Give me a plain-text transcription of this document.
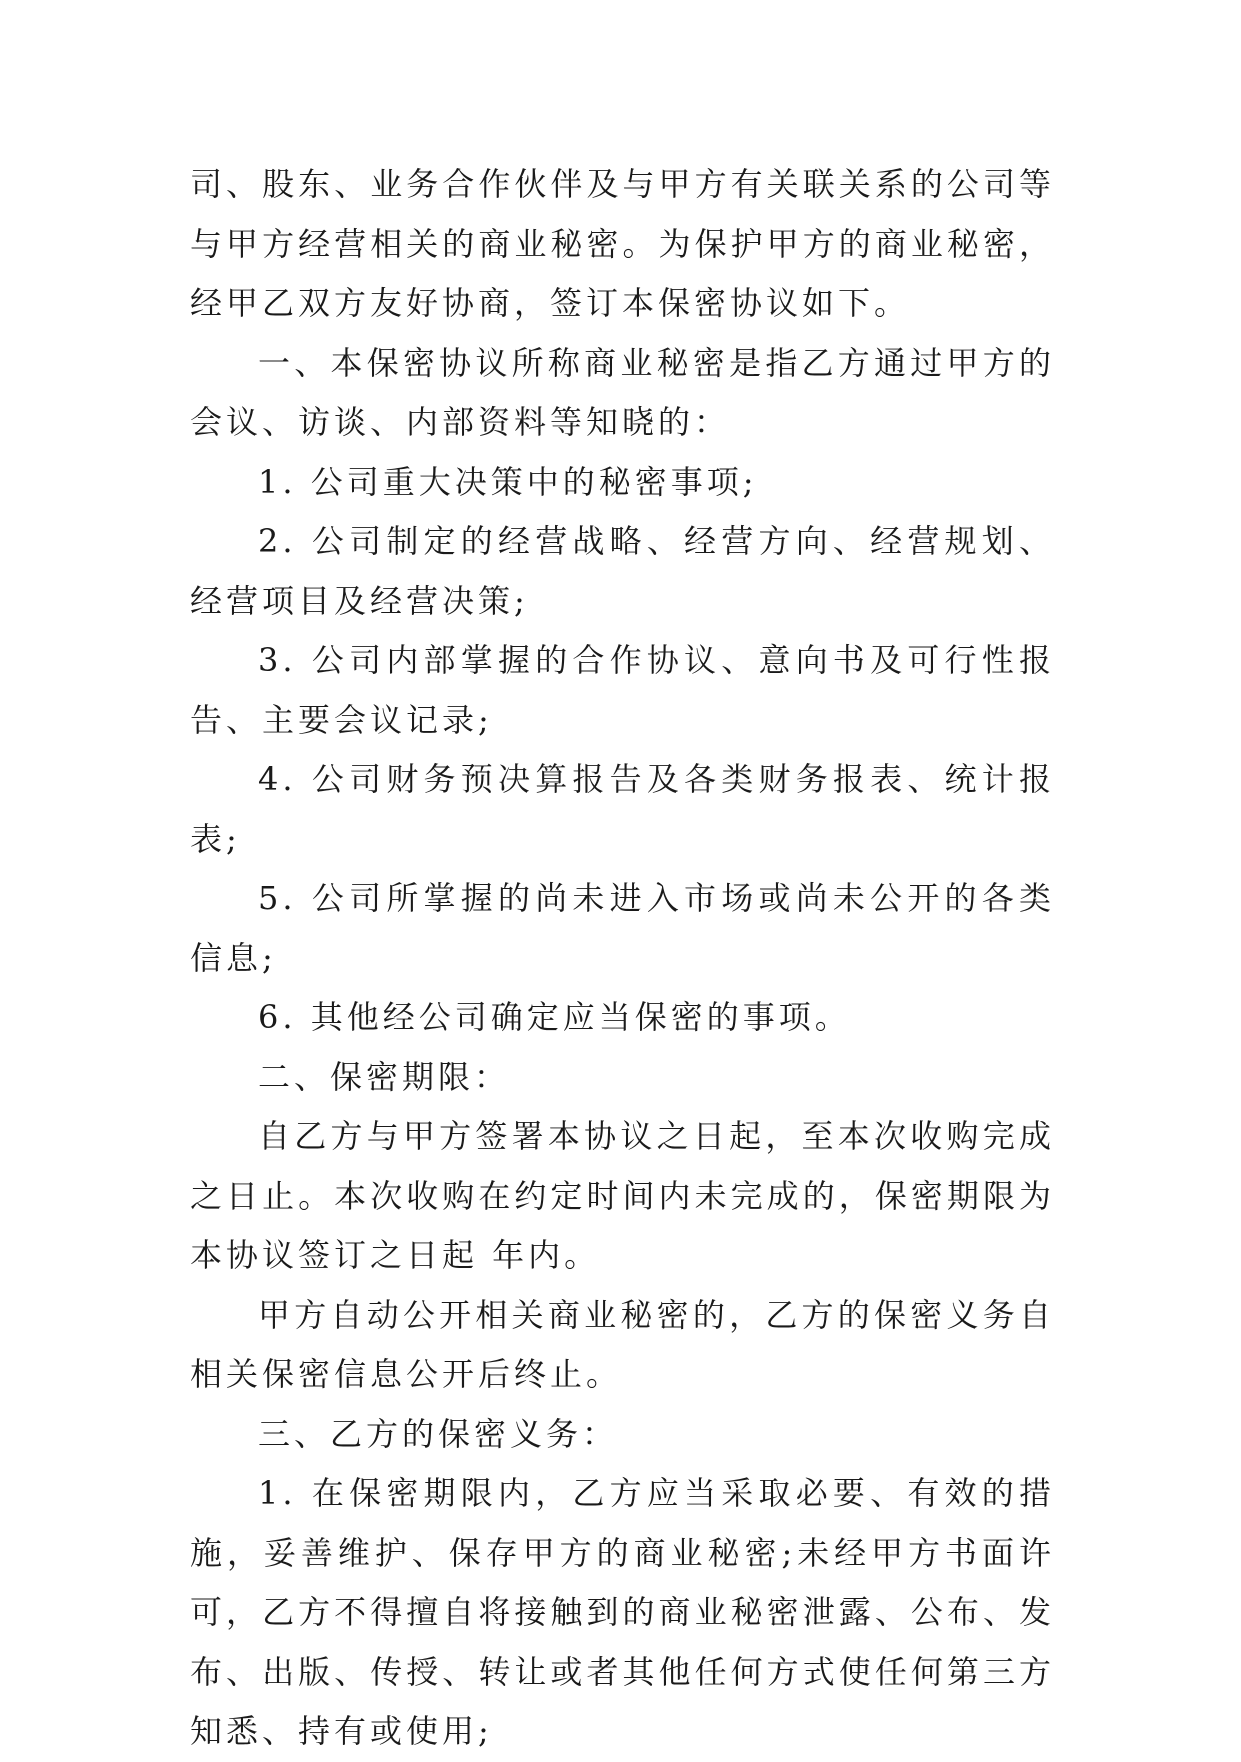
司、股东、业务合作伙伴及与甲方有关联关系的公司等与甲方经营相关的商业秘密。为保护甲方的商业秘密，经甲乙双方友好协商，签订本保密协议如下。

一、本保密协议所称商业秘密是指乙方通过甲方的会议、访谈、内部资料等知晓的：

1. 公司重大决策中的秘密事项;

2. 公司制定的经营战略、经营方向、经营规划、经营项目及经营决策;

3. 公司内部掌握的合作协议、意向书及可行性报告、主要会议记录;

4. 公司财务预决算报告及各类财务报表、统计报表;

5. 公司所掌握的尚未进入市场或尚未公开的各类信息;

6. 其他经公司确定应当保密的事项。

二、保密期限：

自乙方与甲方签署本协议之日起，至本次收购完成之日止。本次收购在约定时间内未完成的，保密期限为本协议签订之日起 年内。

甲方自动公开相关商业秘密的，乙方的保密义务自相关保密信息公开后终止。

三、乙方的保密义务：

1. 在保密期限内，乙方应当采取必要、有效的措施，妥善维护、保存甲方的商业秘密;未经甲方书面许可，乙方不得擅自将接触到的商业秘密泄露、公布、发布、出版、传授、转让或者其他任何方式使任何第三方知悉、持有或使用;
